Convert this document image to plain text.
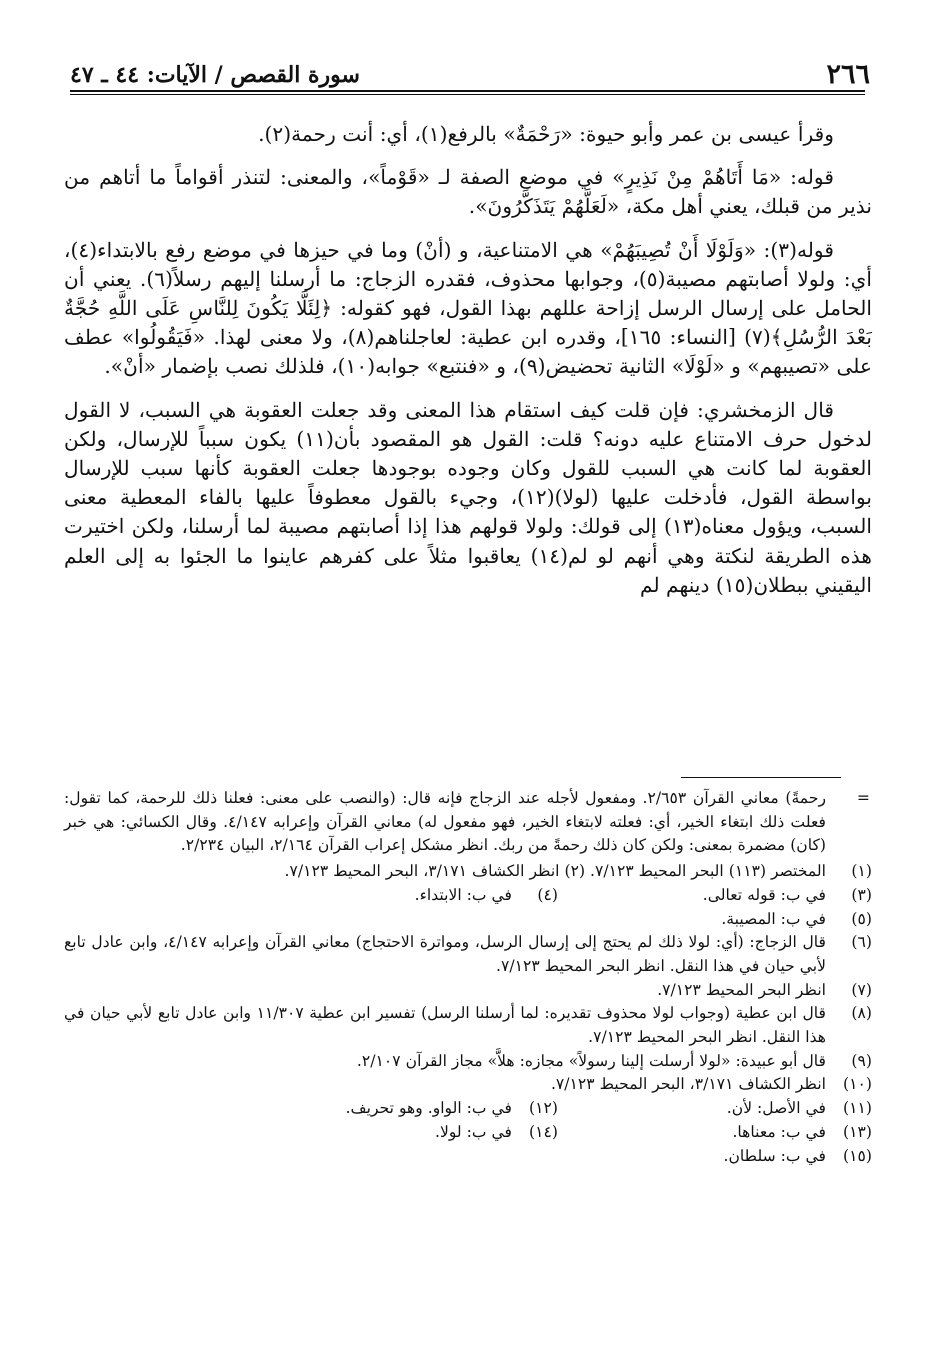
٢٦٦
سورة القصص / الآيات: ٤٤ ـ ٤٧

وقرأ عيسى بن عمر وأبو حيوة: «رَحْمَةٌ» بالرفع(١)، أي: أنت رحمة(٢).

قوله: «مَا أَتَاهُمْ مِنْ نَذِيرٍ» في موضع الصفة لـ «قَوْماً»، والمعنى: لتنذر أقواماً ما أتاهم من نذير من قبلك، يعني أهل مكة، «لَعَلَّهُمْ يَتَذَكَّرُونَ».

قوله(٣): «وَلَوْلَا أَنْ تُصِيبَهُمْ» هي الامتناعية، و (أنْ) وما في حيزها في موضع رفع بالابتداء(٤)، أي: ولولا أصابتهم مصيبة(٥)، وجوابها محذوف، فقدره الزجاج: ما أرسلنا إليهم رسلاً(٦). يعني أن الحامل على إرسال الرسل إزاحة عللهم بهذا القول، فهو كقوله: ﴿لِئَلَّا يَكُونَ لِلنَّاسِ عَلَى اللَّهِ حُجَّةٌ بَعْدَ الرُّسُلِ﴾(٧) [النساء: ١٦٥]، وقدره ابن عطية: لعاجلناهم(٨)، ولا معنى لهذا. «فَيَقُولُوا» عطف على «تصيبهم» و «لَوْلَا» الثانية تحضيض(٩)، و «فنتبع» جوابه(١٠)، فلذلك نصب بإضمار «أنْ».

قال الزمخشري: فإن قلت كيف استقام هذا المعنى وقد جعلت العقوبة هي السبب، لا القول لدخول حرف الامتناع عليه دونه؟ قلت: القول هو المقصود بأن(١١) يكون سبباً للإرسال، ولكن العقوبة لما كانت هي السبب للقول وكان وجوده بوجودها جعلت العقوبة كأنها سبب للإرسال بواسطة القول، فأدخلت عليها (لولا)(١٢)، وجيء بالقول معطوفاً عليها بالفاء المعطية معنى السبب، ويؤول معناه(١٣) إلى قولك: ولولا قولهم هذا إذا أصابتهم مصيبة لما أرسلنا، ولكن اختيرت هذه الطريقة لنكتة وهي أنهم لو لم(١٤) يعاقبوا مثلاً على كفرهم عاينوا ما الجئوا به إلى العلم اليقيني ببطلان(١٥) دينهم لم

=
رحمةً) معاني القرآن ٢/٦٥٣. ومفعول لأجله عند الزجاج فإنه قال: (والنصب على معنى: فعلنا ذلك للرحمة، كما تقول: فعلت ذلك ابتغاء الخير، أي: فعلته لابتغاء الخير، فهو مفعول له) معاني القرآن وإعرابه ٤/١٤٧. وقال الكسائي: هي خبر (كان) مضمرة بمعنى: ولكن كان ذلك رحمةً من ربك. انظر مشكل إعراب القرآن ٢/١٦٤، البيان ٢/٢٣٤.
(١)
المختصر (١١٣) البحر المحيط ٧/١٢٣. (٢) انظر الكشاف ٣/١٧١، البحر المحيط ٧/١٢٣.
(٣)
في ب: قوله تعالى.
(٤)
في ب: الابتداء.
(٥)
في ب: المصيبة.
(٦)
قال الزجاج: (أي: لولا ذلك لم يحتج إلى إرسال الرسل، ومواترة الاحتجاج) معاني القرآن وإعرابه ٤/١٤٧، وابن عادل تابع لأبي حيان في هذا النقل. انظر البحر المحيط ٧/١٢٣.
(٧)
انظر البحر المحيط ٧/١٢٣.
(٨)
قال ابن عطية (وجواب لولا محذوف تقديره: لما أرسلنا الرسل) تفسير ابن عطية ١١/٣٠٧ وابن عادل تابع لأبي حيان في هذا النقل. انظر البحر المحيط ٧/١٢٣.
(٩)
قال أبو عبيدة: «لولا أرسلت إلينا رسولاً» مجازه: هلاَّ» مجاز القرآن ٢/١٠٧.
(١٠)
انظر الكشاف ٣/١٧١، البحر المحيط ٧/١٢٣.
(١١)
في الأصل: لأن.
(١٢)
في ب: الواو. وهو تحريف.
(١٣)
في ب: معناها.
(١٤)
في ب: لولا.
(١٥)
في ب: سلطان.
